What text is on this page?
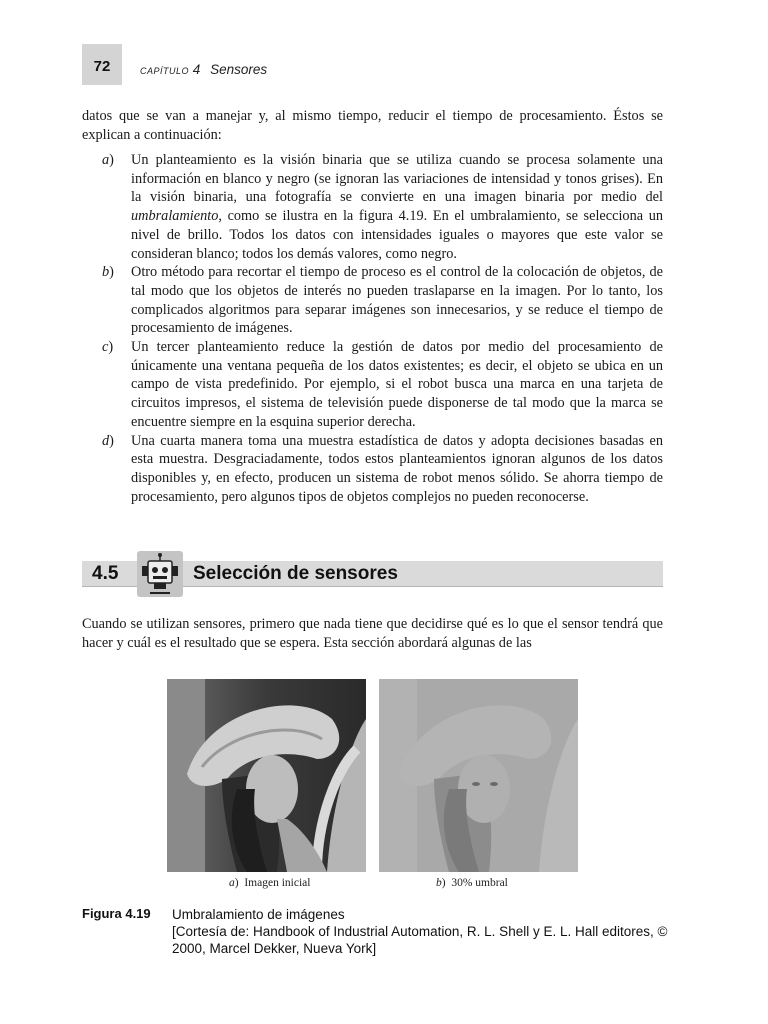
72	CAPÍTULO 4 Sensores
datos que se van a manejar y, al mismo tiempo, reducir el tiempo de procesamiento. Éstos se explican a continuación:
a) Un planteamiento es la visión binaria que se utiliza cuando se procesa solamente una información en blanco y negro (se ignoran las variaciones de intensidad y tonos grises). En la visión binaria, una fotografía se convierte en una imagen binaria por medio del umbralamiento, como se ilustra en la figura 4.19. En el umbralamiento, se selecciona un nivel de brillo. Todos los datos con intensidades iguales o mayores que este valor se consideran blanco; todos los demás valores, como negro.
b) Otro método para recortar el tiempo de proceso es el control de la colocación de objetos, de tal modo que los objetos de interés no pueden traslaparse en la imagen. Por lo tanto, los complicados algoritmos para separar imágenes son innecesarios, y se reduce el tiempo de procesamiento de imágenes.
c) Un tercer planteamiento reduce la gestión de datos por medio del procesamiento de únicamente una ventana pequeña de los datos existentes; es decir, el objeto se ubica en un campo de vista predefinido. Por ejemplo, si el robot busca una marca en una tarjeta de circuitos impresos, el sistema de televisión puede disponerse de tal modo que la marca se encuentre siempre en la esquina superior derecha.
d) Una cuarta manera toma una muestra estadística de datos y adopta decisiones basadas en esta muestra. Desgraciadamente, todos estos planteamientos ignoran algunos de los datos disponibles y, en efecto, producen un sistema de robot menos sólido. Se ahorra tiempo de procesamiento, pero algunos tipos de objetos complejos no pueden reconocerse.
4.5	Selección de sensores
Cuando se utilizan sensores, primero que nada tiene que decidirse qué es lo que el sensor tendrá que hacer y cuál es el resultado que se espera. Esta sección abordará algunas de las
a)  Imagen inicial	b)  30% umbral
Figura 4.19 Umbralamiento de imágenes
[Cortesía de: Handbook of Industrial Automation, R. L. Shell y E. L. Hall editores, © 2000, Marcel Dekker, Nueva York]
